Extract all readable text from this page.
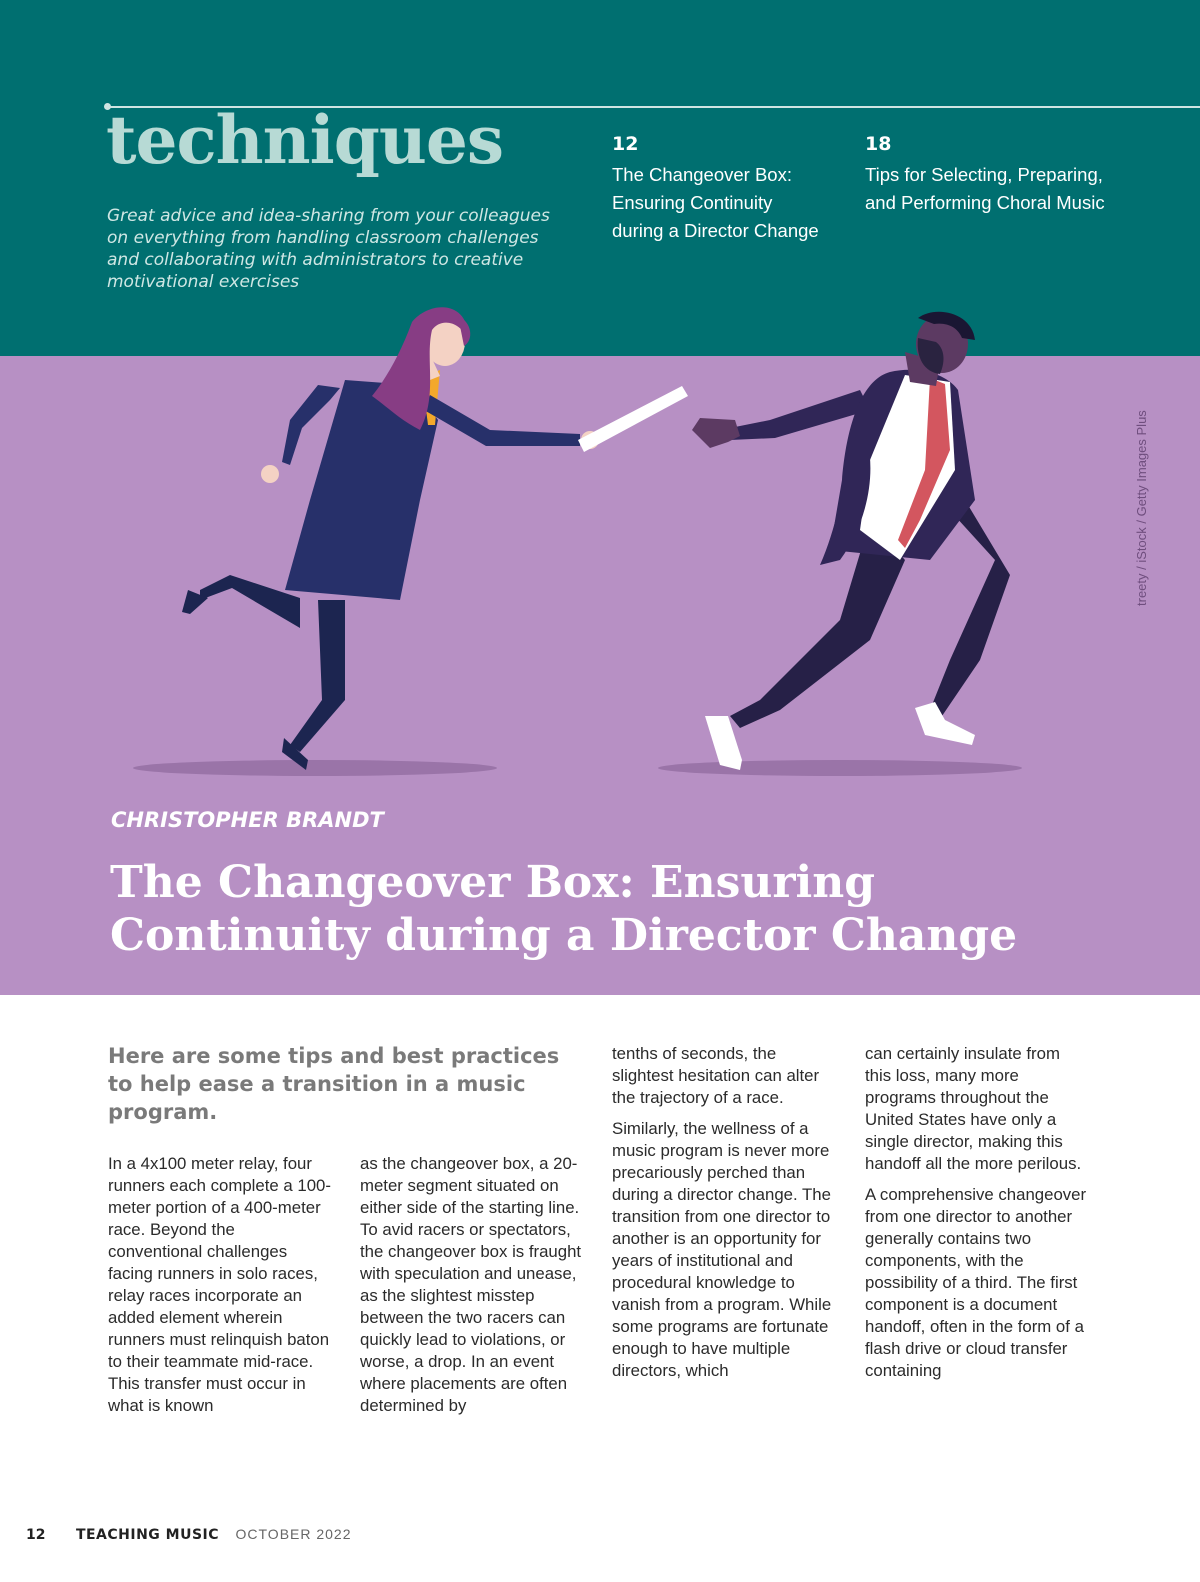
techniques

Great advice and idea-sharing from your colleagues on everything from handling classroom challenges and collaborating with administrators to creative motivational exercises

12
The Changeover Box: Ensuring Continuity during a Director Change
18
Tips for Selecting, Preparing, and Performing Choral Music
treety / iStock / Getty Images Plus

CHRISTOPHER BRANDT

The Changeover Box: Ensuring Continuity during a Director Change

Here are some tips and best practices to help ease a transition in a music program.

In a 4x100 meter relay, four runners each complete a 100-meter portion of a 400-meter race. Beyond the conventional challenges facing runners in solo races, relay races incorporate an added element wherein runners must relinquish baton to their teammate mid-race. This transfer must occur in what is known

as the changeover box, a 20-meter segment situated on either side of the starting line. To avid racers or spectators, the changeover box is fraught with speculation and unease, as the slightest misstep between the two racers can quickly lead to violations, or worse, a drop. In an event where placements are often determined by

tenths of seconds, the slightest hesitation can alter the trajectory of a race.

Similarly, the wellness of a music program is never more precariously perched than during a director change. The transition from one director to another is an opportunity for years of institutional and procedural knowledge to vanish from a program. While some programs are fortunate enough to have multiple directors, which

can certainly insulate from this loss, many more programs throughout the United States have only a single director, making this handoff all the more perilous.

A comprehensive changeover from one director to another generally contains two components, with the possibility of a third. The first component is a document handoff, often in the form of a flash drive or cloud transfer containing

12 TEACHING MUSIC OCTOBER 2022
